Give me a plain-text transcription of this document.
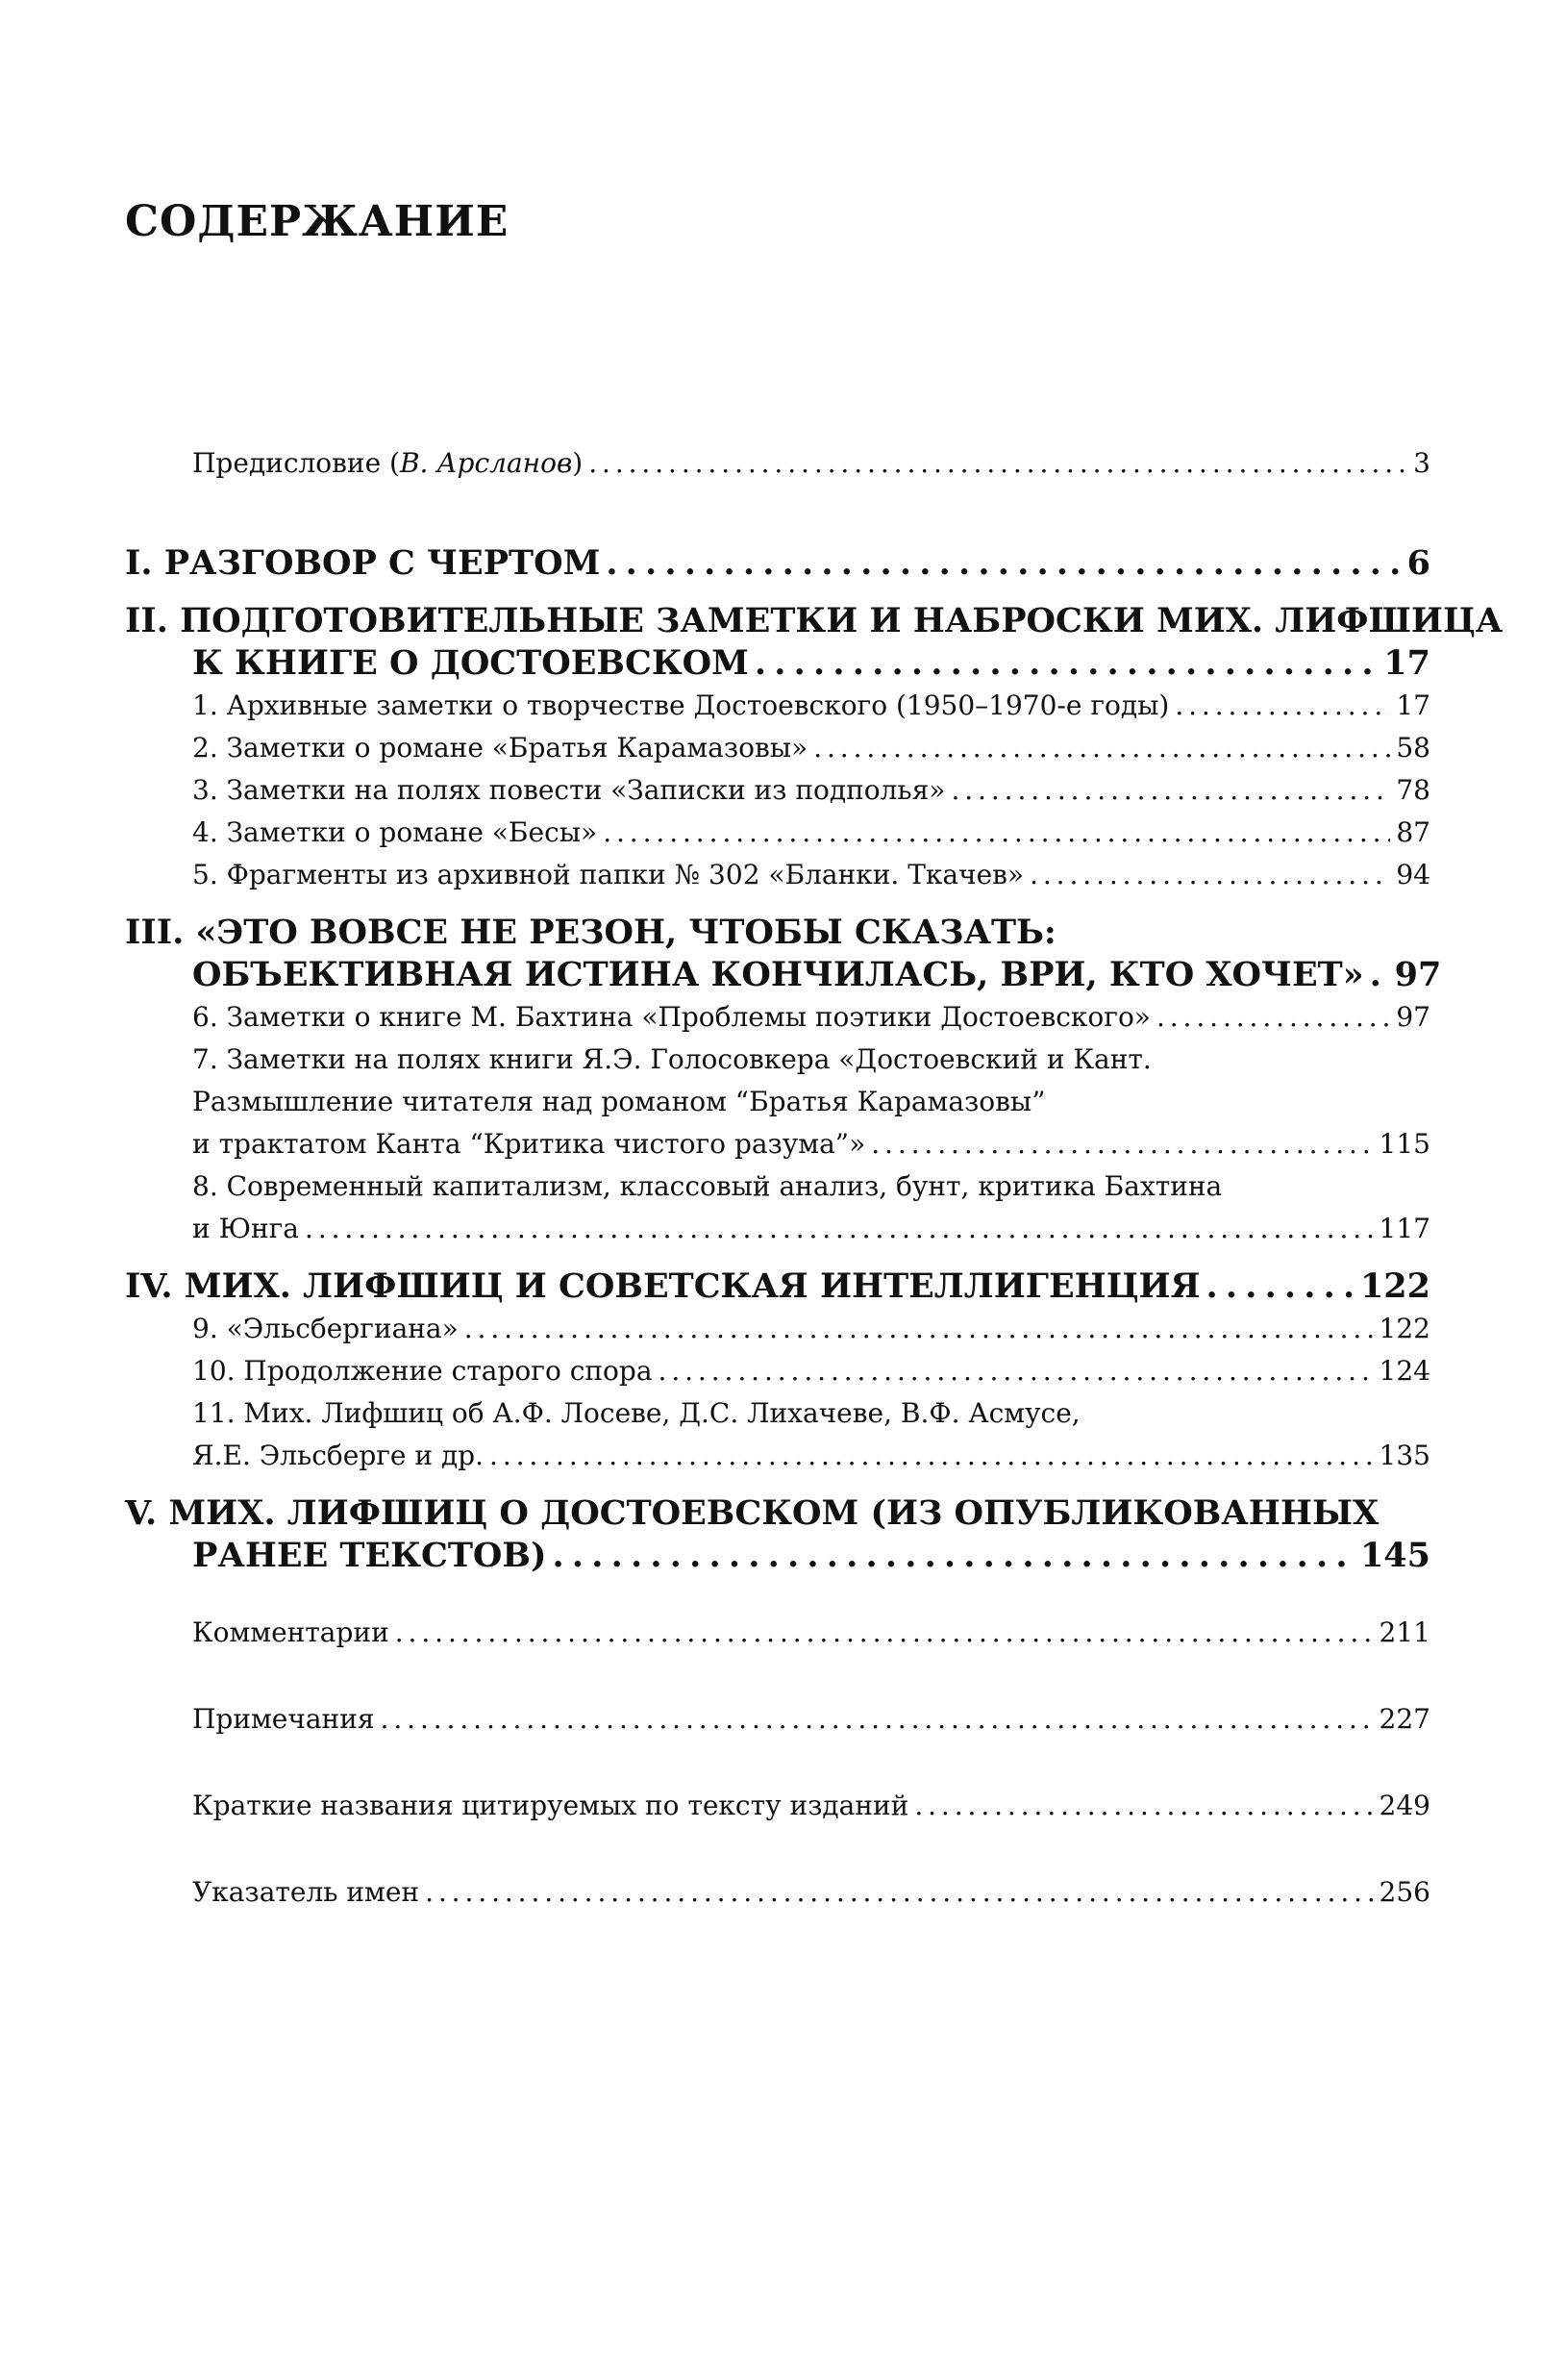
СОДЕРЖАНИЕ
Предисловие (В. Арсланов) . . .	3
I. РАЗГОВОР С ЧЕРТОМ . . .	6
II. ПОДГОТОВИТЕЛЬНЫЕ ЗАМЕТКИ И НАБРОСКИ МИХ. ЛИФШИЦА
К КНИГЕ О ДОСТОЕВСКОМ . . .	17
1. Архивные заметки о творчестве Достоевского (1950–1970-е годы) . . .	17
2. Заметки о романе «Братья Карамазовы» . . .	58
3. Заметки на полях повести «Записки из подполья» . . .	78
4. Заметки о романе «Бесы» . . .	87
5. Фрагменты из архивной папки № 302 «Бланки. Ткачев» . . .	94
III. «ЭТО ВОВСЕ НЕ РЕЗОН, ЧТОБЫ СКАЗАТЬ:
ОБЪЕКТИВНАЯ ИСТИНА КОНЧИЛАСЬ, ВРИ, КТО ХОЧЕТ» . . . 97
6. Заметки о книге М. Бахтина «Проблемы поэтики Достоевского» . . .	97
7. Заметки на полях книги Я.Э. Голосовкера «Достоевский и Кант.
Размышление читателя над романом “Братья Карамазовы”
и трактатом Канта “Критика чистого разума”» . . .	115
8. Современный капитализм, классовый анализ, бунт, критика Бахтина
и Юнга . . .	117
IV. МИХ. ЛИФШИЦ И СОВЕТСКАЯ ИНТЕЛЛИГЕНЦИЯ . . .	122
9. «Эльсбергиана» . . .	122
10. Продолжение старого спора . . .	124
11. Мих. Лифшиц об А.Ф. Лосеве, Д.С. Лихачеве, В.Ф. Асмусе,
Я.Е. Эльсберге и др. . . .	135
V. МИХ. ЛИФШИЦ О ДОСТОЕВСКОМ (ИЗ ОПУБЛИКОВАННЫХ
РАНЕЕ ТЕКСТОВ) . . .	145
Комментарии . . .	211
Примечания . . .	227
Краткие названия цитируемых по тексту изданий . . .	249
Указатель имен . . .	256
